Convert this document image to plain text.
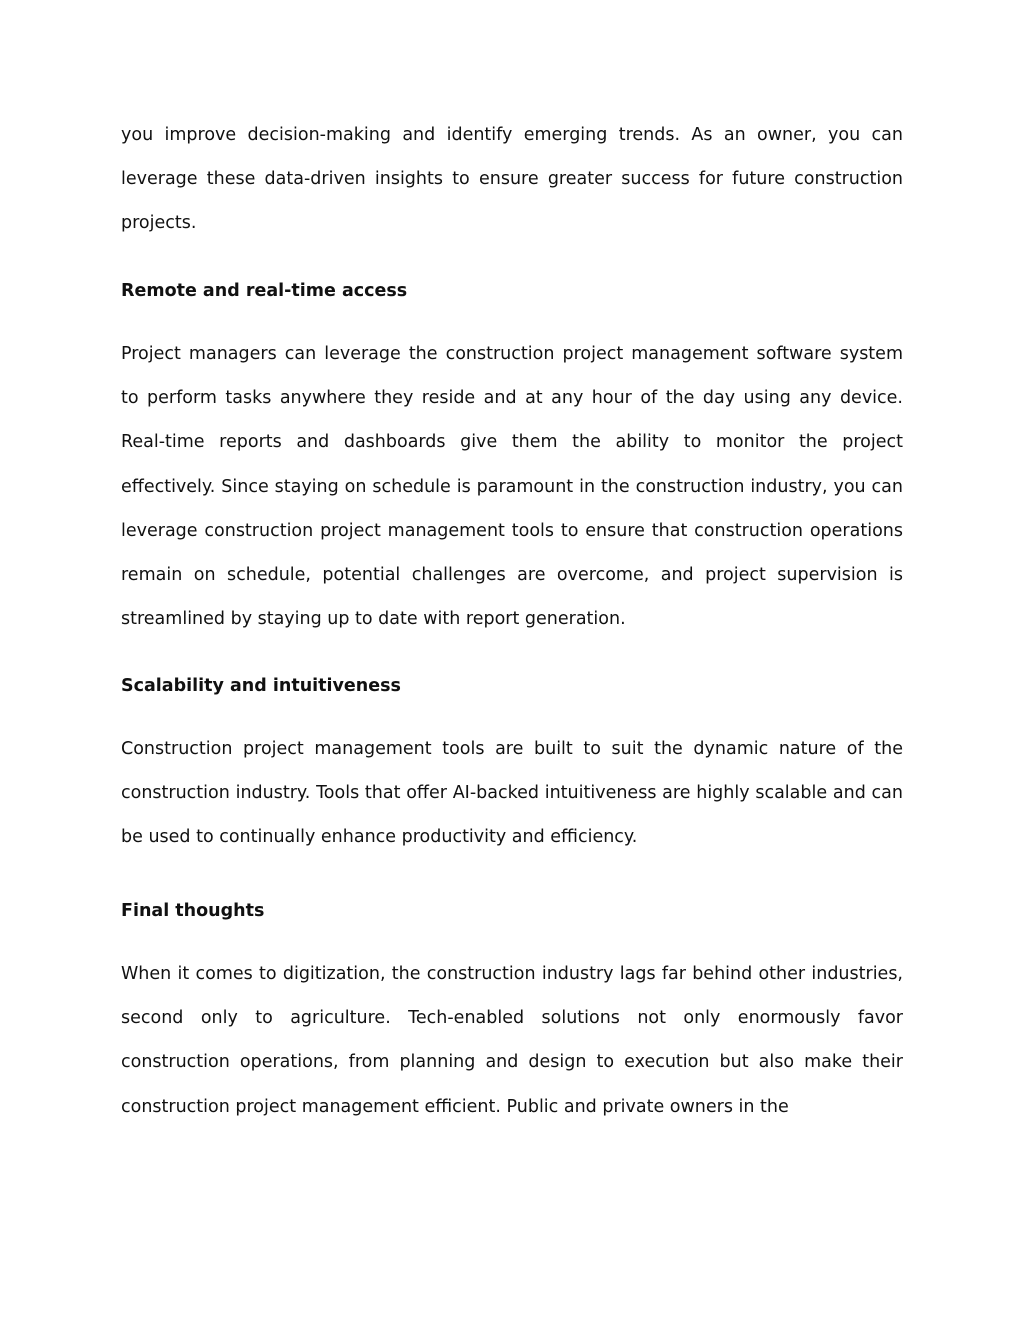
you improve decision-making and identify emerging trends. As an owner, you can leverage these data-driven insights to ensure greater success for future construction projects.

Remote and real-time access

Project managers can leverage the construction project management software system to perform tasks anywhere they reside and at any hour of the day using any device. Real-time reports and dashboards give them the ability to monitor the project effectively. Since staying on schedule is paramount in the construction industry, you can leverage construction project management tools to ensure that construction operations remain on schedule, potential challenges are overcome, and project supervision is streamlined by staying up to date with report generation.

Scalability and intuitiveness

Construction project management tools are built to suit the dynamic nature of the construction industry. Tools that offer AI-backed intuitiveness are highly scalable and can be used to continually enhance productivity and efficiency.

Final thoughts

When it comes to digitization, the construction industry lags far behind other industries, second only to agriculture. Tech-enabled solutions not only enormously favor construction operations, from planning and design to execution but also make their construction project management efficient. Public and private owners in the
